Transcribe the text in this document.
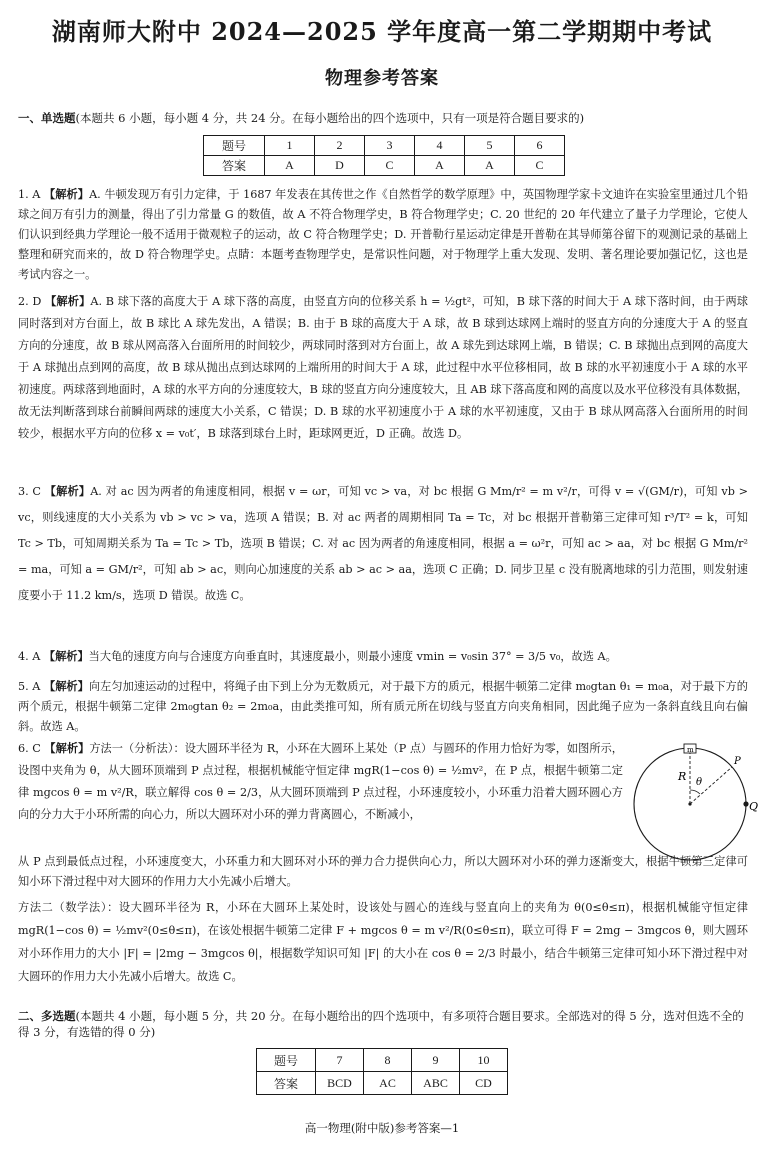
湖南师大附中 2024—2025 学年度高一第二学期期中考试
物理参考答案
一、单选题(本题共 6 小题，每小题 4 分，共 24 分。在每小题给出的四个选项中，只有一项是符合题目要求的)
题号	1	2	3	4	5	6
答案	A	D	C	A	A	C
1. A 【解析】A. 牛顿发现万有引力定律，于 1687 年发表在其传世之作《自然哲学的数学原理》中，英国物理学家卡文迪许在实验室里通过几个铅球之间万有引力的测量，得出了引力常量 G 的数值，故 A 不符合物理学史，B 符合物理学史；C. 20 世纪的 20 年代建立了量子力学理论，它使人们认识到经典力学理论一般不适用于微观粒子的运动，故 C 符合物理学史；D. 开普勒行星运动定律是开普勒在其导师第谷留下的观测记录的基础上整理和研究而来的，故 D 符合物理学史。点睛：本题考查物理学史，是常识性问题，对于物理学上重大发现、发明、著名理论要加强记忆，这也是考试内容之一。
2. D 【解析】A. B 球下落的高度大于 A 球下落的高度，由竖直方向的位移关系 h = ½gt²，可知，B 球下落的时间大于 A 球下落时间，由于两球同时落到对方台面上，故 B 球比 A 球先发出，A 错误；B. 由于 B 球的高度大于 A 球，故 B 球到达球网上端时的竖直方向的分速度大于 A 的竖直方向的分速度，故 B 球从网高落入台面所用的时间较少，两球同时落到对方台面上，故 A 球先到达球网上端，B 错误；C. B 球抛出点到网的高度大于 A 球抛出点到网的高度，故 B 球从抛出点到达球网的上端所用的时间大于 A 球，此过程中水平位移相同，故 B 球的水平初速度小于 A 球的水平初速度。两球落到地面时，A 球的水平方向的分速度较大，B 球的竖直方向分速度较大，且 AB 球下落高度和网的高度以及水平位移没有具体数据，故无法判断落到球台前瞬间两球的速度大小关系，C 错误；D. B 球的水平初速度小于 A 球的水平初速度，又由于 B 球从网高落入台面所用的时间较少，根据水平方向的位移 x = v₀t′，B 球落到球台上时，距球网更近，D 正确。故选 D。
3. C 【解析】A. 对 ac 因为两者的角速度相同，根据 v = ωr，可知 vc > va，对 bc 根据 G Mm/r² = m v²/r，可得 v = √(GM/r)，可知 vb > vc，则线速度的大小关系为 vb > vc > va，选项 A 错误；B. 对 ac 两者的周期相同 Ta = Tc，对 bc 根据开普勒第三定律可知 r³/T² = k，可知 Tc > Tb，可知周期关系为 Ta = Tc > Tb，选项 B 错误；C. 对 ac 因为两者的角速度相同，根据 a = ω²r，可知 ac > aa，对 bc 根据 G Mm/r² = ma，可知 a = GM/r²，可知 ab > ac，则向心加速度的关系 ab > ac > aa，选项 C 正确；D. 同步卫星 c 没有脱离地球的引力范围，则发射速度要小于 11.2 km/s，选项 D 错误。故选 C。
4. A 【解析】当大龟的速度方向与合速度方向垂直时，其速度最小，则最小速度 vmin = v₀sin 37° = 3/5 v₀，故选 A。
5. A 【解析】向左匀加速运动的过程中，将绳子由下到上分为无数质元，对于最下方的质元，根据牛顿第二定律 m₀gtan θ₁ = m₀a，对于最下方的两个质元，根据牛顿第二定律 2m₀gtan θ₂ = 2m₀a，由此类推可知，所有质元所在切线与竖直方向夹角相同，因此绳子应为一条斜直线且向右偏斜。故选 A。
6. C 【解析】方法一（分析法）：设大圆环半径为 R，小环在大圆环上某处（P 点）与圆环的作用力恰好为零，如图所示，设图中夹角为 θ，从大圆环顶端到 P 点过程，根据机械能守恒定律 mgR(1−cos θ) = ½mv²，在 P 点，根据牛顿第二定律 mgcos θ = m v²/R，联立解得 cos θ = 2/3，从大圆环顶端到 P 点过程，小环速度较小，小环重力沿着大圆环圆心方向的分力大于小环所需的向心力，所以大圆环对小环的弹力背离圆心，不断减小，
从 P 点到最低点过程，小环速度变大，小环重力和大圆环对小环的弹力合力提供向心力，所以大圆环对小环的弹力逐渐变大，根据牛顿第三定律可知小环下滑过程中对大圆环的作用力大小先减小后增大。
方法二（数学法）：设大圆环半径为 R，小环在大圆环上某处时，设该处与圆心的连线与竖直向上的夹角为 θ(0≤θ≤π)，根据机械能守恒定律 mgR(1−cos θ) = ½mv²(0≤θ≤π)，在该处根据牛顿第二定律 F + mgcos θ = m v²/R(0≤θ≤π)，联立可得 F = 2mg − 3mgcos θ，则大圆环对小环作用力的大小 |F| = |2mg − 3mgcos θ|，根据数学知识可知 |F| 的大小在 cos θ = 2/3 时最小，结合牛顿第三定律可知小环下滑过程中对大圆环的作用力大小先减小后增大。故选 C。
m
R θ
P
Q
二、多选题(本题共 4 小题，每小题 5 分，共 20 分。在每小题给出的四个选项中，有多项符合题目要求。全部选对的得 5 分，选对但选不全的得 3 分，有选错的得 0 分)
题号	7	8	9	10
答案	BCD	AC	ABC	CD
高一物理(附中版)参考答案—1
